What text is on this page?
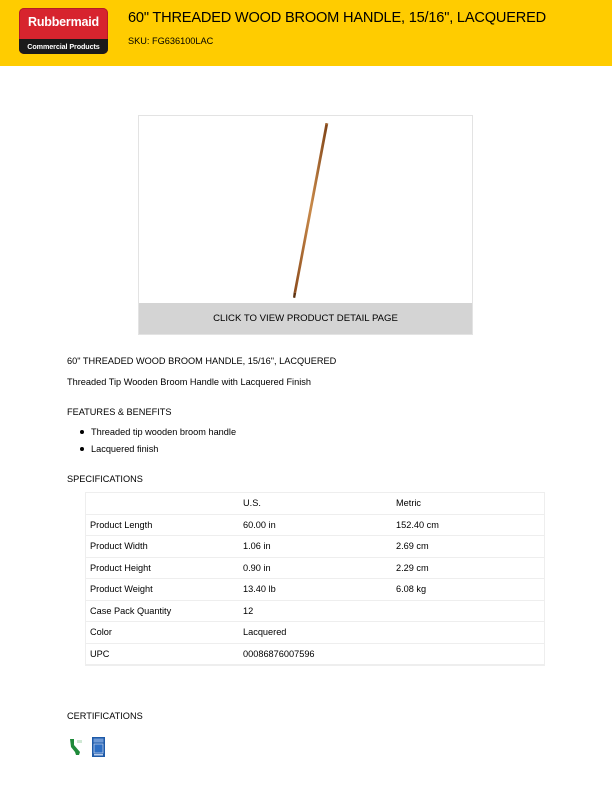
Rubbermaid
Commercial Products
60" THREADED WOOD BROOM HANDLE, 15/16", LACQUERED
SKU: FG636100LAC
CLICK TO VIEW PRODUCT DETAIL PAGE
60" THREADED WOOD BROOM HANDLE, 15/16", LACQUERED
Threaded Tip Wooden Broom Handle with Lacquered Finish
FEATURES & BENEFITS
Threaded tip wooden broom handle
Lacquered finish
SPECIFICATIONS
	U.S.	Metric
Product Length	60.00 in	152.40 cm
Product Width	1.06 in	2.69 cm
Product Height	0.90 in	2.29 cm
Product Weight	13.40 lb	6.08 kg
Case Pack Quantity	12	
Color	Lacquered	
UPC	00086876007596	
CERTIFICATIONS
